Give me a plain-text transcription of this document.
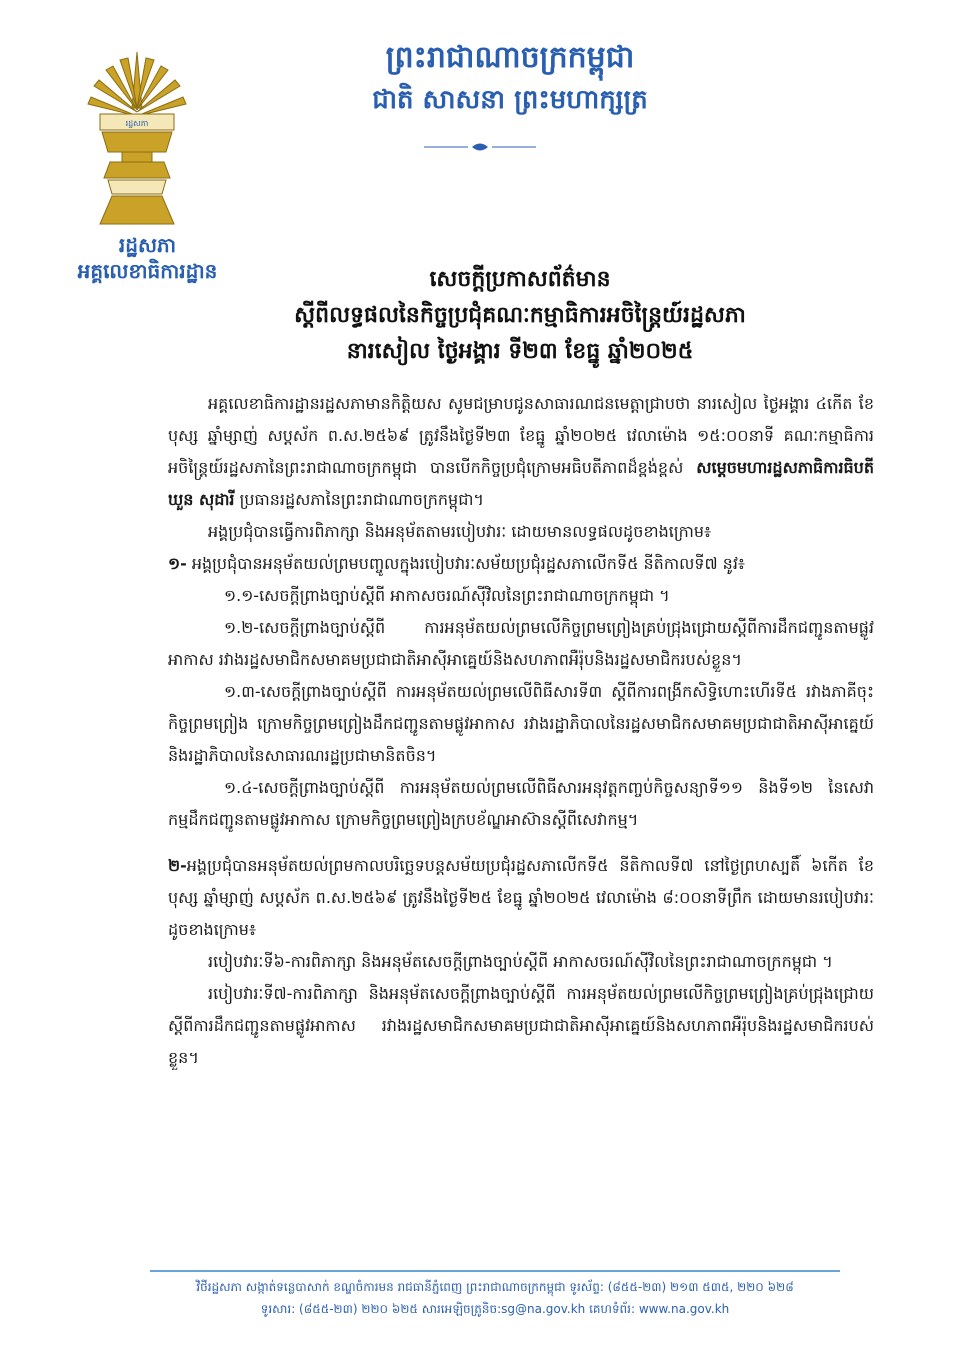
រដ្ឋសភា
រដ្ឋសភា
អគ្គលេខាធិការដ្ឋាន
ព្រះរាជាណាចក្រកម្ពុជា
ជាតិ សាសនា ព្រះមហាក្សត្រ
សេចក្ដីប្រកាសព័ត៌មាន
ស្ដីពីលទ្ធផលនៃកិច្ចប្រជុំគណៈកម្មាធិការអចិន្ត្រៃយ៍រដ្ឋសភា
នារសៀល ថ្ងៃអង្គារ ទី២៣ ខែធ្នូ ឆ្នាំ២០២៥

អគ្គលេខាធិការដ្ឋានរដ្ឋសភាមានកិត្តិយស សូមជម្រាបជូនសាធារណជនមេត្តាជ្រាបថា នារសៀល ថ្ងៃអង្គារ ៤កើត ខែបុស្ស ឆ្នាំម្សាញ់ សប្តស័ក ព.ស.២៥៦៩ ត្រូវនឹងថ្ងៃទី២៣ ខែធ្នូ ឆ្នាំ២០២៥ វេលាម៉ោង ១៥:០០នាទី គណៈកម្មាធិការអចិន្ត្រៃយ៍រដ្ឋសភានៃព្រះរាជាណាចក្រកម្ពុជា បានបើកកិច្ចប្រជុំក្រោមអធិបតីភាពដ៏ខ្ពង់ខ្ពស់ សម្ដេចមហារដ្ឋសភាធិការធិបតី ឃួន សុដារី ប្រធានរដ្ឋសភានៃព្រះរាជាណាចក្រកម្ពុជា។

អង្គប្រជុំបានធ្វើការពិភាក្សា និងអនុម័តតាមរបៀបវារៈ ដោយមានលទ្ធផលដូចខាងក្រោម៖

១- អង្គប្រជុំបានអនុម័តយល់ព្រមបញ្ចូលក្នុងរបៀបវារៈសម័យប្រជុំរដ្ឋសភាលើកទី៥ នីតិកាលទី៧ នូវ៖

១.១-សេចក្តីព្រាងច្បាប់ស្តីពី អាកាសចរណ៍ស៊ីវិលនៃព្រះរាជាណាចក្រកម្ពុជា ។

១.២-សេចក្តីព្រាងច្បាប់ស្តីពី ការអនុម័តយល់ព្រមលើកិច្ចព្រមព្រៀងគ្រប់ជ្រុងជ្រោយស្តីពីការដឹកជញ្ជូនតាមផ្លូវអាកាស រវាងរដ្ឋសមាជិកសមាគមប្រជាជាតិអាស៊ីអាគ្នេយ៍និងសហភាពអឺរ៉ុបនិងរដ្ឋសមាជិករបស់ខ្លួន។

១.៣-សេចក្តីព្រាងច្បាប់ស្តីពី ការអនុម័តយល់ព្រមលើពិធីសារទី៣ ស្តីពីការពង្រីកសិទ្ធិហោះហើរទី៥ រវាងភាគីចុះកិច្ចព្រមព្រៀង ក្រោមកិច្ចព្រមព្រៀងដឹកជញ្ជូនតាមផ្លូវអាកាស រវាងរដ្ឋាភិបាលនៃរដ្ឋសមាជិកសមាគមប្រជាជាតិអាស៊ីអាគ្នេយ៍និងរដ្ឋាភិបាលនៃសាធារណរដ្ឋប្រជាមានិតចិន។

១.៤-សេចក្តីព្រាងច្បាប់ស្តីពី ការអនុម័តយល់ព្រមលើពិធីសារអនុវត្តកញ្ចប់កិច្ចសន្យាទី១១ និងទី១២ នៃសេវាកម្មដឹកជញ្ជូនតាមផ្លូវអាកាស ក្រោមកិច្ចព្រមព្រៀងក្របខ័ណ្ឌអាស៊ានស្តីពីសេវាកម្ម។

២-អង្គប្រជុំបានអនុម័តយល់ព្រមកាលបរិច្ឆេទបន្តសម័យប្រជុំរដ្ឋសភាលើកទី៥ នីតិកាលទី៧ នៅថ្ងៃព្រហស្បតិ៍ ៦កើត ខែបុស្ស ឆ្នាំម្សាញ់ សប្តស័ក ព.ស.២៥៦៩ ត្រូវនឹងថ្ងៃទី២៥ ខែធ្នូ ឆ្នាំ២០២៥ វេលាម៉ោង ៨:០០នាទីព្រឹក ដោយមានរបៀបវារៈដូចខាងក្រោម៖

របៀបវារៈទី៦-ការពិភាក្សា និងអនុម័តសេចក្តីព្រាងច្បាប់ស្តីពី អាកាសចរណ៍ស៊ីវិលនៃព្រះរាជាណាចក្រកម្ពុជា ។

របៀបវារៈទី៧-ការពិភាក្សា និងអនុម័តសេចក្តីព្រាងច្បាប់ស្តីពី ការអនុម័តយល់ព្រមលើកិច្ចព្រមព្រៀងគ្រប់ជ្រុងជ្រោយស្តីពីការដឹកជញ្ជូនតាមផ្លូវអាកាស រវាងរដ្ឋសមាជិកសមាគមប្រជាជាតិអាស៊ីអាគ្នេយ៍និងសហភាពអឺរ៉ុបនិងរដ្ឋសមាជិករបស់ខ្លួន។

វិថីរដ្ឋសភា សង្កាត់ទន្លេបាសាក់ ខណ្ឌចំការមន រាជធានីភ្នំពេញ ព្រះរាជាណាចក្រកម្ពុជា ទូរស័ព្ទ: (៨៥៥-២៣) ២១៣ ៥៣៥, ២២០ ៦២៨
ទូរសារ: (៨៥៥-២៣) ២២០ ៦២៥ សារអេឡិចត្រូនិច:sg@na.gov.kh គេហទំព័រ: www.na.gov.kh
